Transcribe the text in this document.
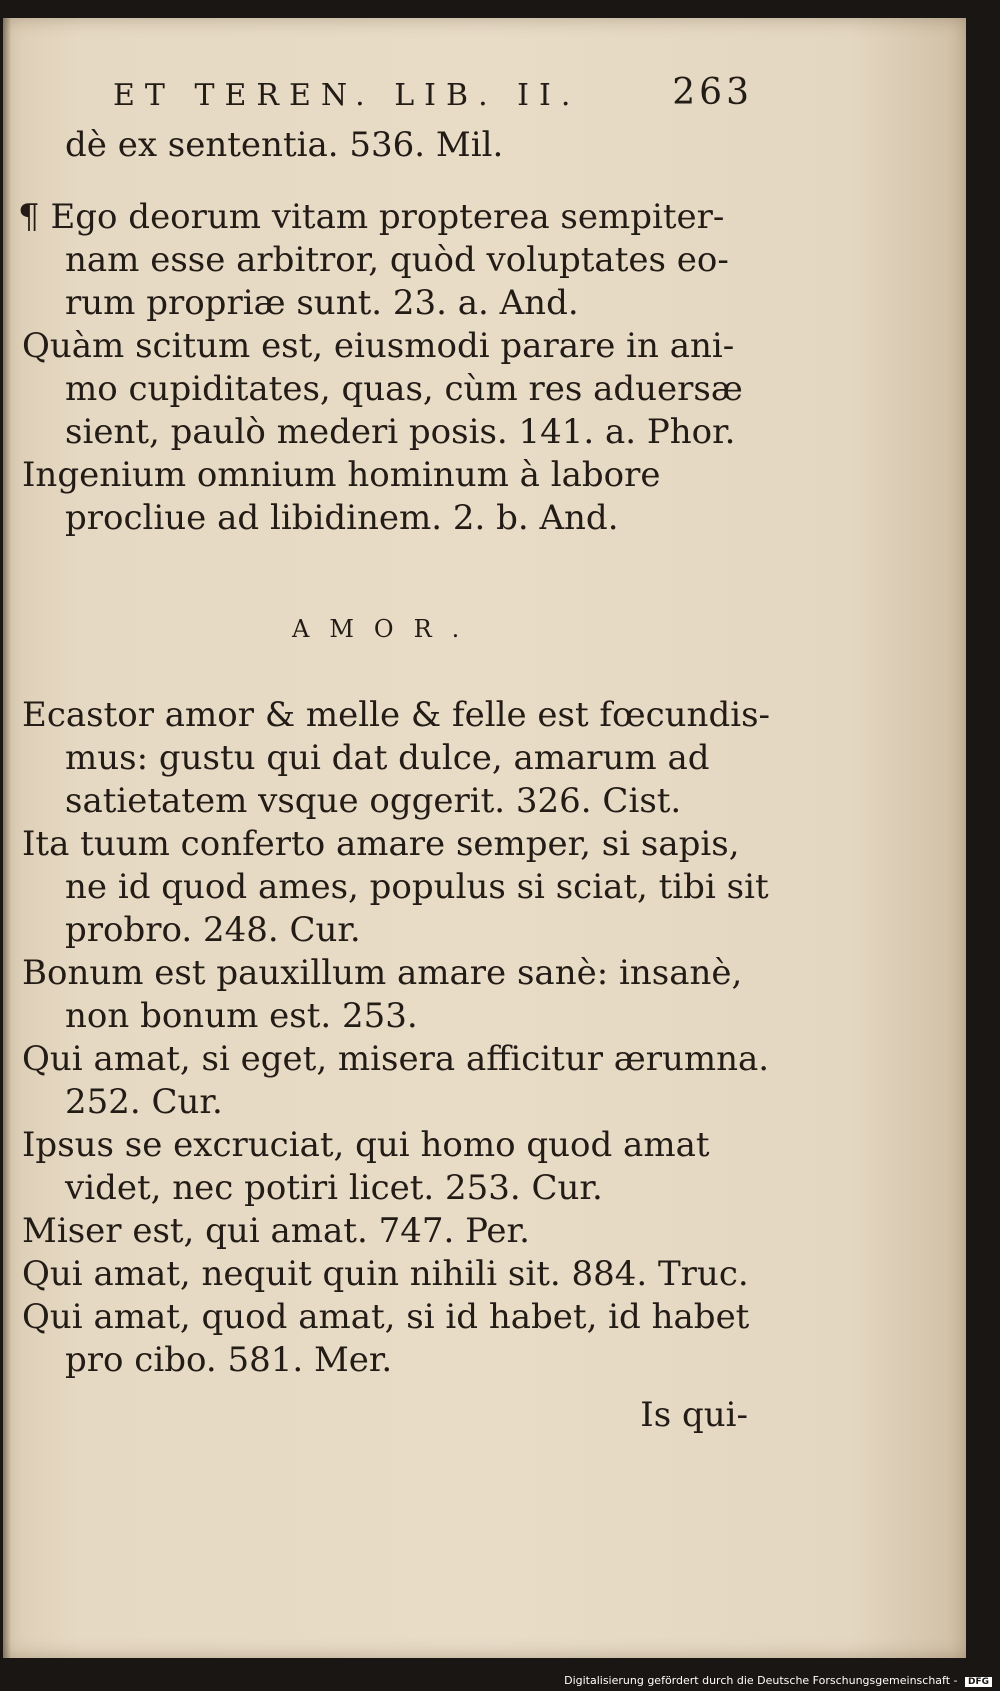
ET TEREN. LIB. II.	263
dè ex sententia. 536. Mil.
¶ Ego deorum vitam propterea sempiter-
nam esse arbitror, quòd voluptates eo-
rum propriæ sunt. 23. a. And.
Quàm scitum est, eiusmodi parare in ani-
mo cupiditates, quas, cùm res aduersæ
sient, paulò mederi posis. 141. a. Phor.
Ingenium omnium hominum à labore
procliue ad libidinem. 2. b. And.
AMOR.
Ecastor amor & melle & felle est fœcundis-
mus: gustu qui dat dulce, amarum ad
satietatem vsque oggerit. 326. Cist.
Ita tuum conferto amare semper, si sapis,
ne id quod ames, populus si sciat, tibi sit
probro. 248. Cur.
Bonum est pauxillum amare sanè: insanè,
non bonum est. 253.
Qui amat, si eget, misera afficitur ærumna.
252. Cur.
Ipsus se excruciat, qui homo quod amat
videt, nec potiri licet. 253. Cur.
Miser est, qui amat. 747. Per.
Qui amat, nequit quin nihili sit. 884. Truc.
Qui amat, quod amat, si id habet, id habet
pro cibo. 581. Mer.
Is qui-
Digitalisierung gefördert durch die Deutsche Forschungsgemeinschaft - DFG
